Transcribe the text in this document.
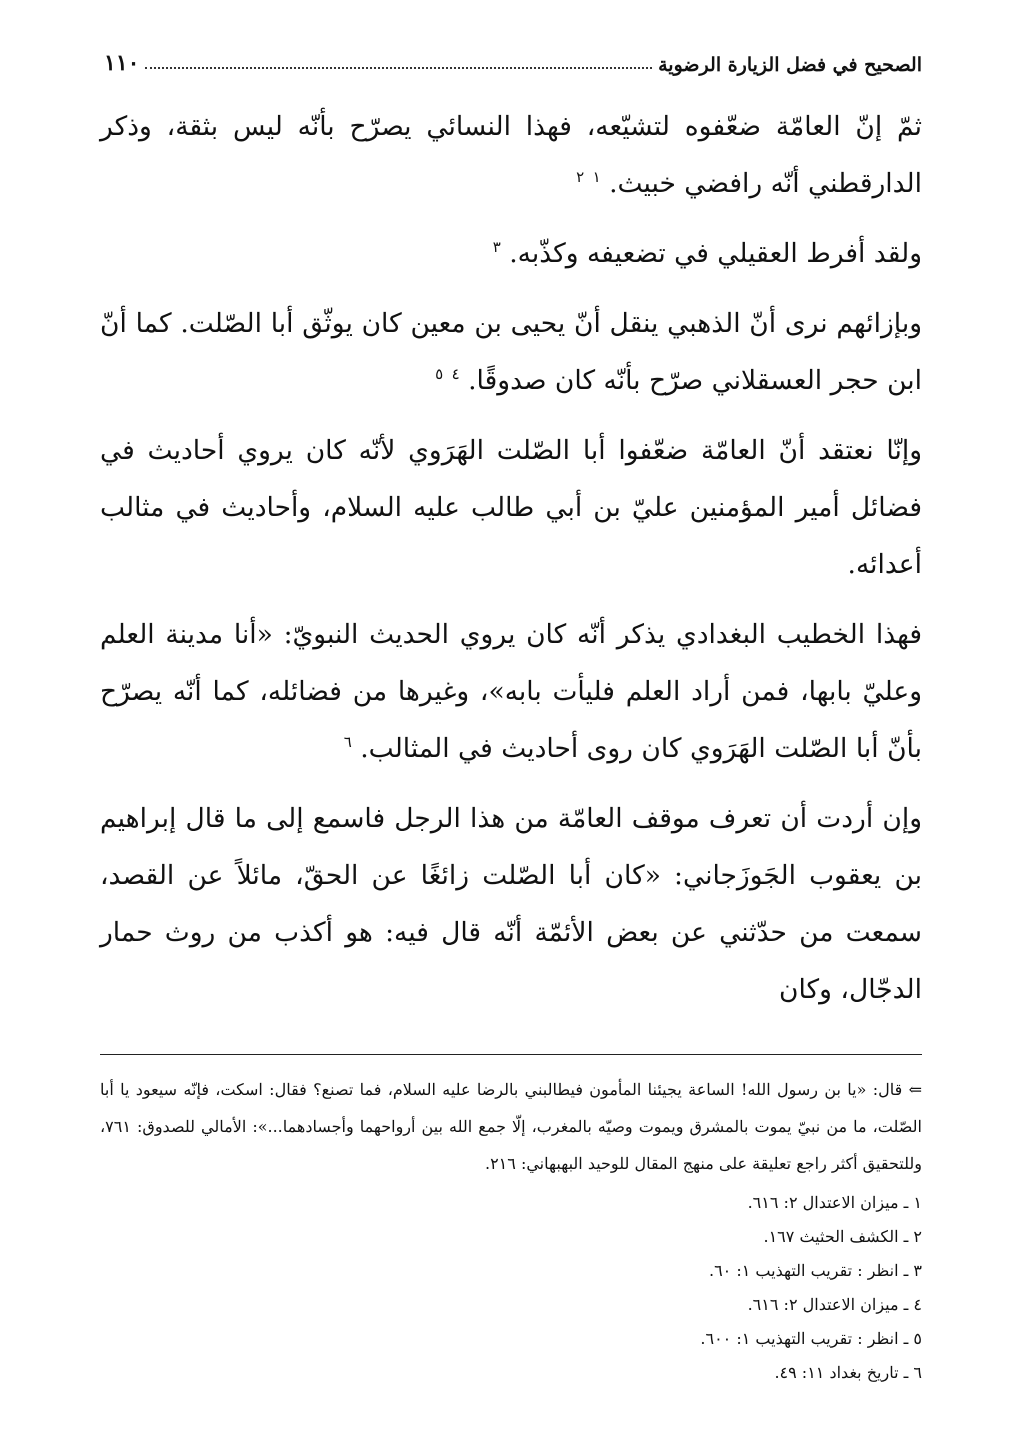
الصحيح في فضل الزيارة الرضوية
١١٠

ثمّ إنّ العامّة ضعّفوه لتشيّعه، فهذا النسائي يصرّح بأنّه ليس بثقة، وذكر الدارقطني أنّه رافضي خبيث. $^١$ $^٢$

ولقد أفرط العقيلي في تضعيفه وكذّبه. $^٣$

وبإزائهم نرى أنّ الذهبي ينقل أنّ يحيى بن معين كان يوثّق أبا الصّلت. كما أنّ ابن حجر العسقلاني صرّح بأنّه كان صدوقًا. $^٤$ $^٥$

وإنّا نعتقد أنّ العامّة ضعّفوا أبا الصّلت الهَرَوي لأنّه كان يروي أحاديث في فضائل أمير المؤمنين عليّ بن أبي طالب عليه السلام، وأحاديث في مثالب أعدائه.

فهذا الخطيب البغدادي يذكر أنّه كان يروي الحديث النبويّ: «أنا مدينة العلم وعليّ بابها، فمن أراد العلم فليأت بابه»، وغيرها من فضائله، كما أنّه يصرّح بأنّ أبا الصّلت الهَرَوي كان روى أحاديث في المثالب. $^٦$

وإن أردت أن تعرف موقف العامّة من هذا الرجل فاسمع إلى ما قال إبراهيم بن يعقوب الجَوزَجاني: «كان أبا الصّلت زائغًا عن الحقّ، مائلاً عن القصد، سمعت من حدّثني عن بعض الأئمّة أنّه قال فيه: هو أكذب من روث حمار الدجّال، وكان

⇐ قال: «يا بن رسول الله! الساعة يجيئنا المأمون فيطالبني بالرضا عليه السلام، فما تصنع؟ فقال: اسكت، فإنّه سيعود يا أبا الصّلت، ما من نبيّ يموت بالمشرق ويموت وصيّه بالمغرب، إلّا جمع الله بين أرواحهما وأجسادهما...»: الأمالي للصدوق: ٧٦١، وللتحقيق أكثر راجع تعليقة على منهج المقال للوحيد البهبهاني: ٢١٦.

١ ـ ميزان الاعتدال ٢: ٦١٦.

٢ ـ الكشف الحثيث ١٦٧.

٣ ـ انظر : تقريب التهذيب ١: ٦٠.

٤ ـ ميزان الاعتدال ٢: ٦١٦.

٥ ـ انظر : تقريب التهذيب ١: ٦٠٠.

٦ ـ تاريخ بغداد ١١: ٤٩.
